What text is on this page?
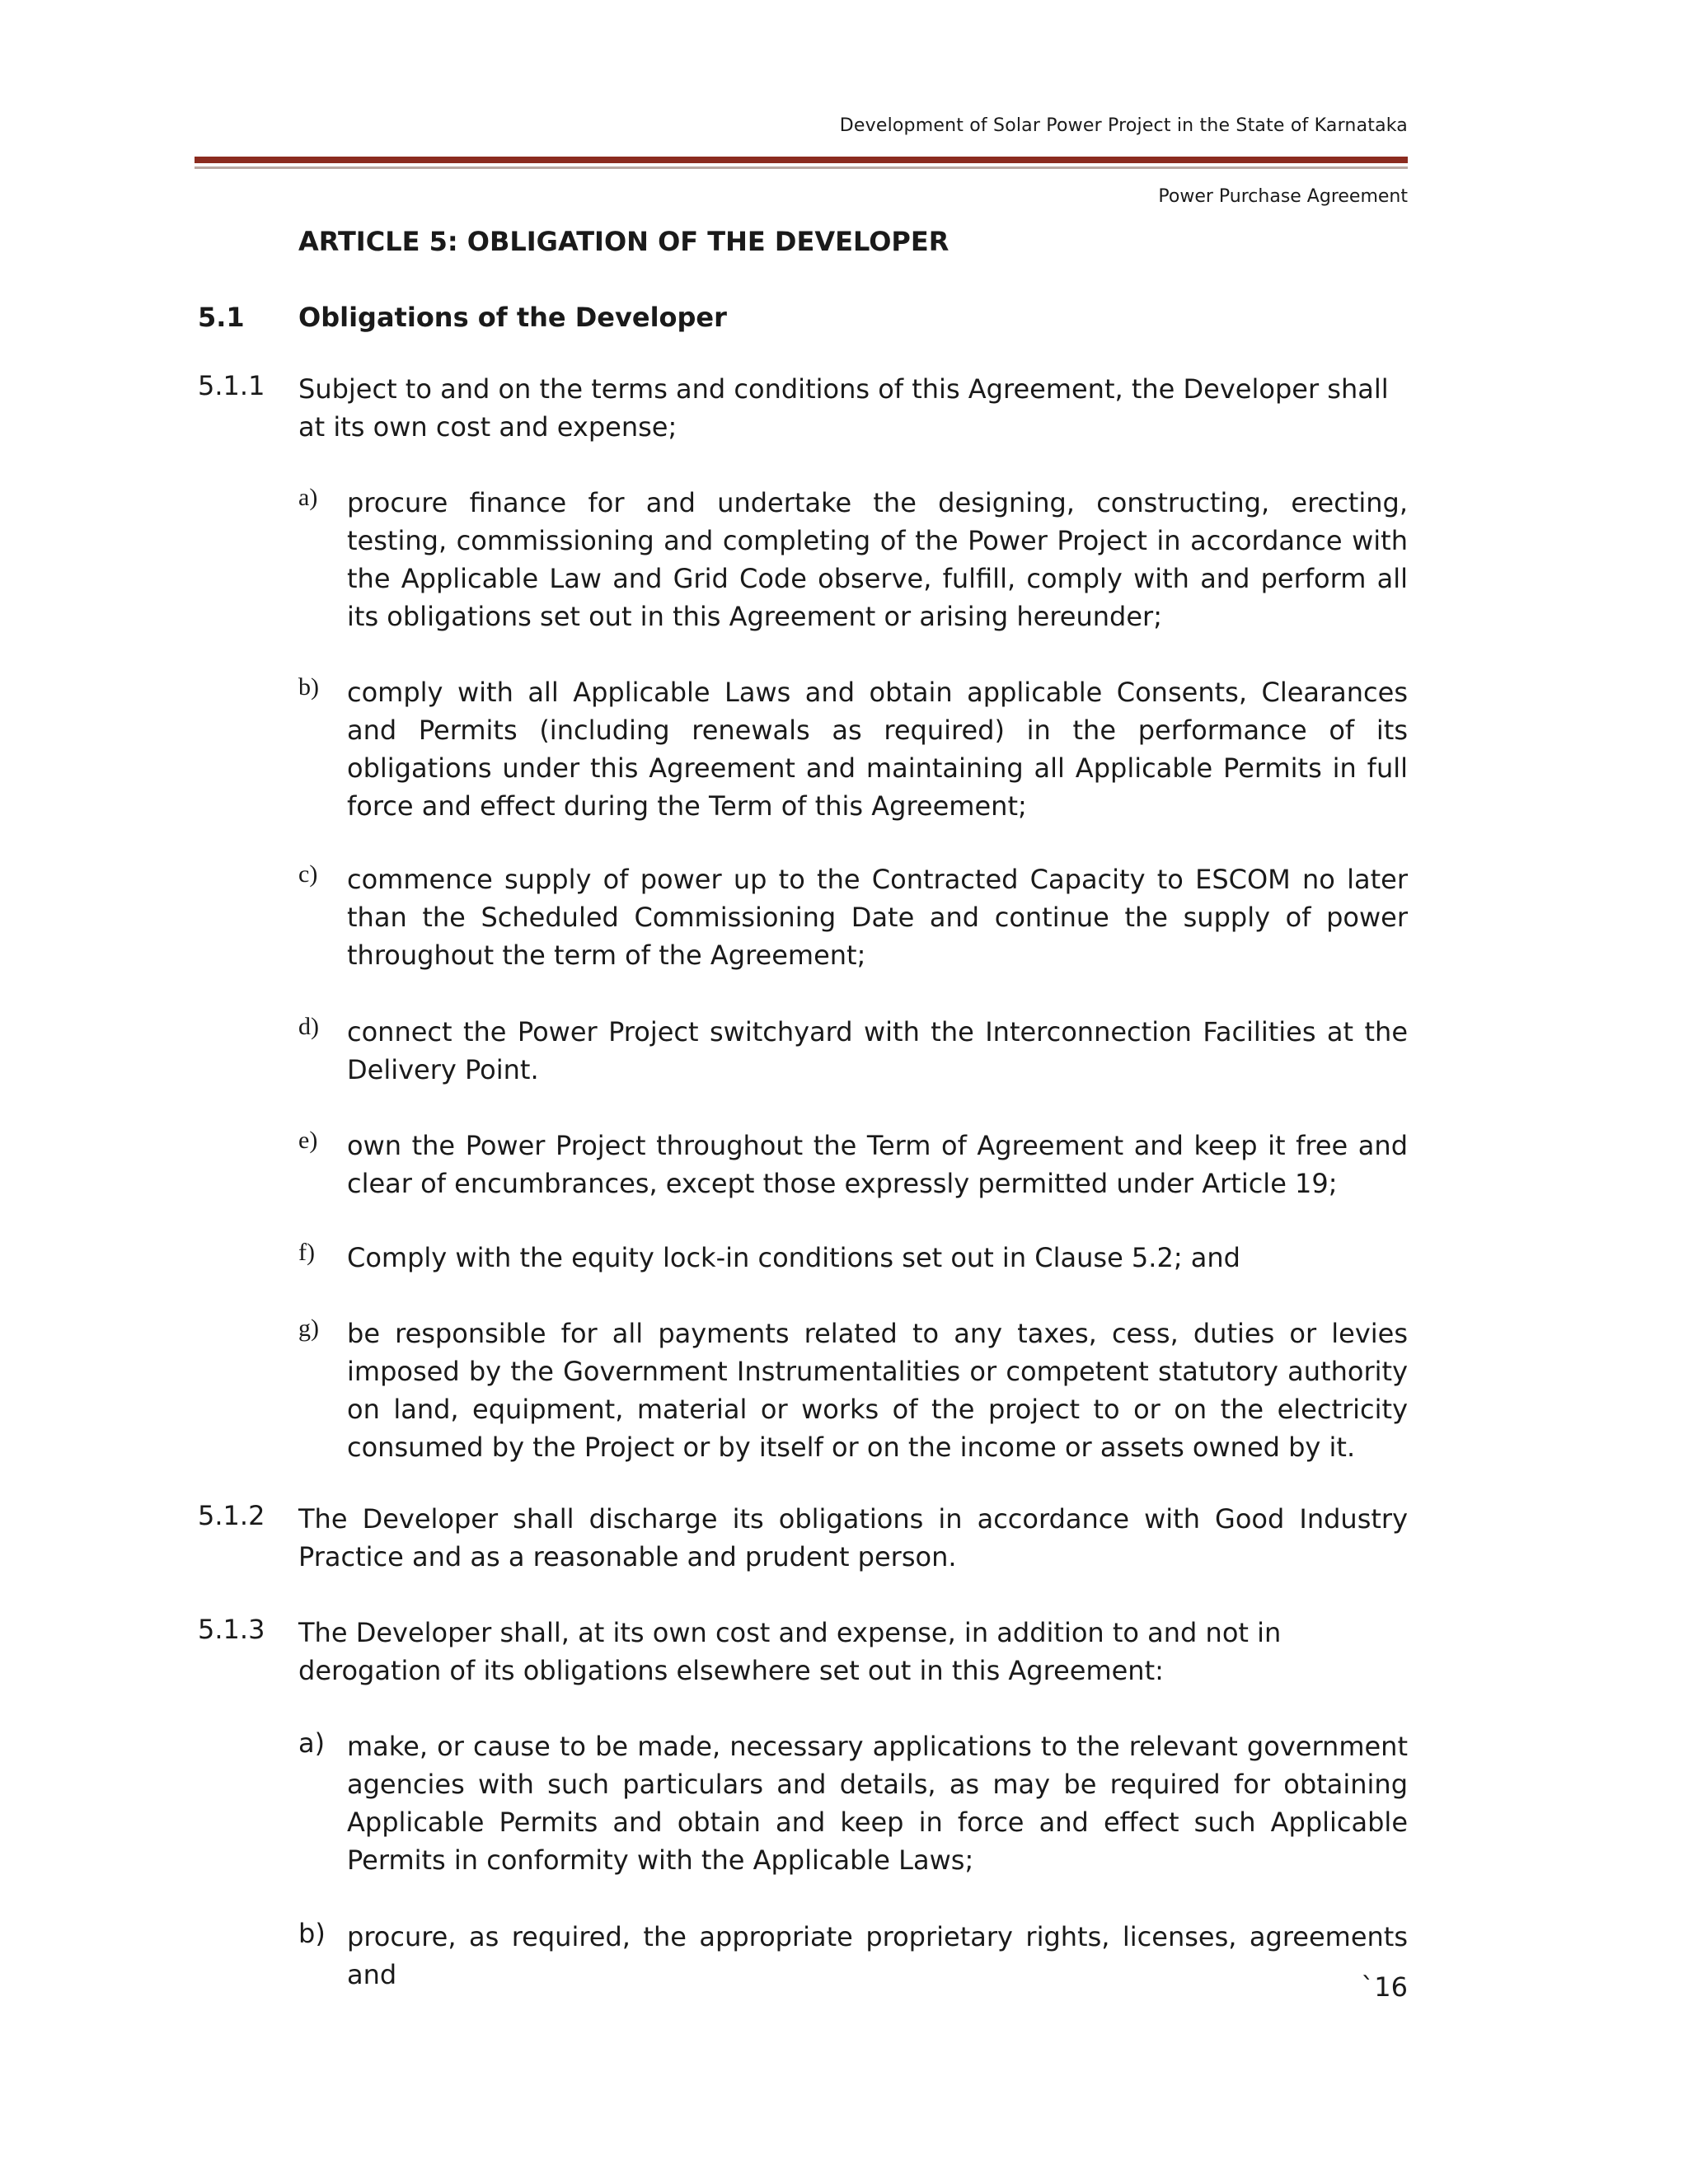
Development of Solar Power Project in the State of Karnataka
Power Purchase Agreement
ARTICLE 5: OBLIGATION OF THE DEVELOPER
5.1 Obligations of the Developer
5.1.1 Subject to and on the terms and conditions of this Agreement, the Developer shall at its own cost and expense;

a) procure finance for and undertake the designing, constructing, erecting, testing, commissioning and completing of the Power Project in accordance with the Applicable Law and Grid Code observe, fulfill, comply with and perform all its obligations set out in this Agreement or arising hereunder;

b) comply with all Applicable Laws and obtain applicable Consents, Clearances and Permits (including renewals as required) in the performance of its obligations under this Agreement and maintaining all Applicable Permits in full force and effect during the Term of this Agreement;

c) commence supply of power up to the Contracted Capacity to ESCOM no later than the Scheduled Commissioning Date and continue the supply of power throughout the term of the Agreement;

d) connect the Power Project switchyard with the Interconnection Facilities at the Delivery Point.

e) own the Power Project throughout the Term of Agreement and keep it free and clear of encumbrances, except those expressly permitted under Article 19;

f) Comply with the equity lock-in conditions set out in Clause 5.2; and

g) be responsible for all payments related to any taxes, cess, duties or levies imposed by the Government Instrumentalities or competent statutory authority on land, equipment, material or works of the project to or on the electricity consumed by the Project or by itself or on the income or assets owned by it.

5.1.2 The Developer shall discharge its obligations in accordance with Good Industry Practice and as a reasonable and prudent person.

5.1.3 The Developer shall, at its own cost and expense, in addition to and not in derogation of its obligations elsewhere set out in this Agreement:

a) make, or cause to be made, necessary applications to the relevant government agencies with such particulars and details, as may be required for obtaining Applicable Permits and obtain and keep in force and effect such Applicable Permits in conformity with the Applicable Laws;

b) procure, as required, the appropriate proprietary rights, licenses, agreements and	`16
